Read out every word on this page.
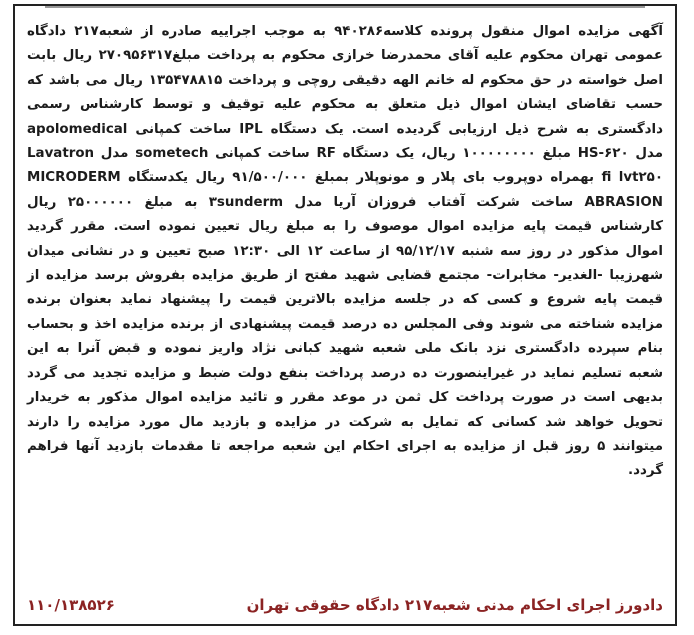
آگهی مزایده اموال منقول پرونده کلاسه۹۴۰۲۸۶ به موجب اجراییه صادره از شعبه۲۱۷ دادگاه عمومی تهران محکوم علیه آقای محمدرضا خرازی محکوم به پرداخت مبلغ۲۷۰۹۵۶۳۱۷ ریال بابت اصل خواسته در حق محکوم له خانم الهه دقیقی روچی و پرداخت ۱۳۵۴۷۸۸۱۵ ریال می باشد که حسب تقاضای ایشان اموال ذیل متعلق به محکوم علیه توقیف و توسط کارشناس رسمی دادگستری به شرح ذیل ارزیابی گردیده است. یک دستگاه IPL ساخت کمپانی apolomedical مدل HS-۶۲۰ مبلغ ۱۰۰۰۰۰۰۰۰ ریال، یک دستگاه RF ساخت کمپانی sometech مدل Lavatron fi lvt۲۵۰ بهمراه دوپروب بای پلار و مونوپلار بمبلغ ۹۱/۵۰۰/۰۰۰ ریال یکدستگاه MICRODERM ABRASION ساخت شرکت آفتاب فروزان آریا مدل ۳sunderm به مبلغ ۲۵۰۰۰۰۰۰ ریال کارشناس قیمت پایه مزایده اموال موصوف را به مبلغ ریال تعیین نموده است. مقرر گردید اموال مذکور در روز سه شنبه ۹۵/۱۲/۱۷ از ساعت ۱۲ الی ۱۲:۳۰ صبح تعیین و در نشانی میدان شهرزیبا -الغدیر- مخابرات- مجتمع قضایی شهید مفتح از طریق مزایده بفروش برسد مزایده از قیمت پایه شروع و کسی که در جلسه مزایده بالاترین قیمت را پیشنهاد نماید بعنوان برنده مزایده شناخته می شوند وفی المجلس ده درصد قیمت پیشنهادی از برنده مزایده اخذ و بحساب بنام سپرده دادگستری نزد بانک ملی شعبه شهید کبانی نژاد واریز نموده و قبض آنرا به این شعبه تسلیم نماید در غیراینصورت ده درصد پرداخت بنفع دولت ضبط و مزایده تجدید می گردد بدیهی است در صورت پرداخت کل ثمن در موعد مقرر و تائید مزایده اموال مذکور به خریدار تحویل خواهد شد کسانی که تمایل به شرکت در مزایده و بازدید مال مورد مزایده را دارند میتوانند ۵ روز قبل از مزایده به اجرای احکام این شعبه مراجعه تا مقدمات بازدید آنها فراهم گردد.
دادورز اجرای احکام مدنی شعبه۲۱۷ دادگاه حقوقی تهران
۱۱۰/۱۳۸۵۲۶
